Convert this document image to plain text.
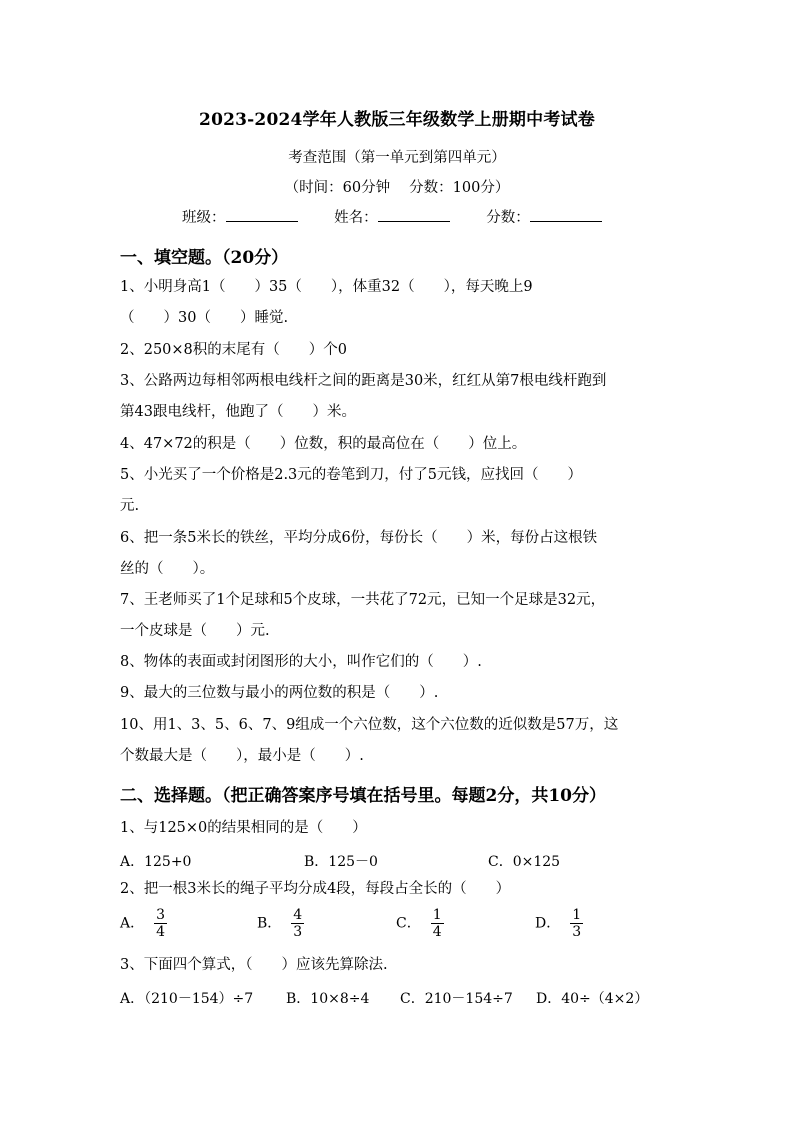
2023-2024学年人教版三年级数学上册期中考试卷
考查范围（第一单元到第四单元）
（时间：60分钟　 分数：100分）
班级：	姓名：	分数：
一、填空题。（20分）
1、小明身高1（　　）35（　　），体重32（　　），每天晚上9
（　　）30（　　）睡觉.
2、250×8积的末尾有（　　）个0
3、公路两边每相邻两根电线杆之间的距离是30米，红红从第7根电线杆跑到
第43跟电线杆，他跑了（　　）米。
4、47×72的积是（　　）位数，积的最高位在（　　）位上。
5、小光买了一个价格是2.3元的卷笔到刀，付了5元钱，应找回（　　）
元.
6、把一条5米长的铁丝，平均分成6份，每份长（　　）米，每份占这根铁
丝的（　　）。
7、王老师买了1个足球和5个皮球，一共花了72元，已知一个足球是32元，
一个皮球是（　　）元.
8、物体的表面或封闭图形的大小，叫作它们的（　　）.
9、最大的三位数与最小的两位数的积是（　　）.
10、用1、3、5、6、7、9组成一个六位数，这个六位数的近似数是57万，这
个数最大是（　　），最小是（　　）.
二、选择题。（把正确答案序号填在括号里。每题2分，共10分）
1、与125×0的结果相同的是（　　）
A．125+0	B．125－0	C．0×125
2、把一根3米长的绳子平均分成4段，每段占全长的（　　）
A． $\frac{3}{4}$	B． $\frac{4}{3}$	C． $\frac{1}{4}$	D． $\frac{1}{3}$
3、下面四个算式，（　　）应该先算除法.
A．（210－154）÷7 B．10×8÷4 C．210－154÷7 D．40÷（4×2）
